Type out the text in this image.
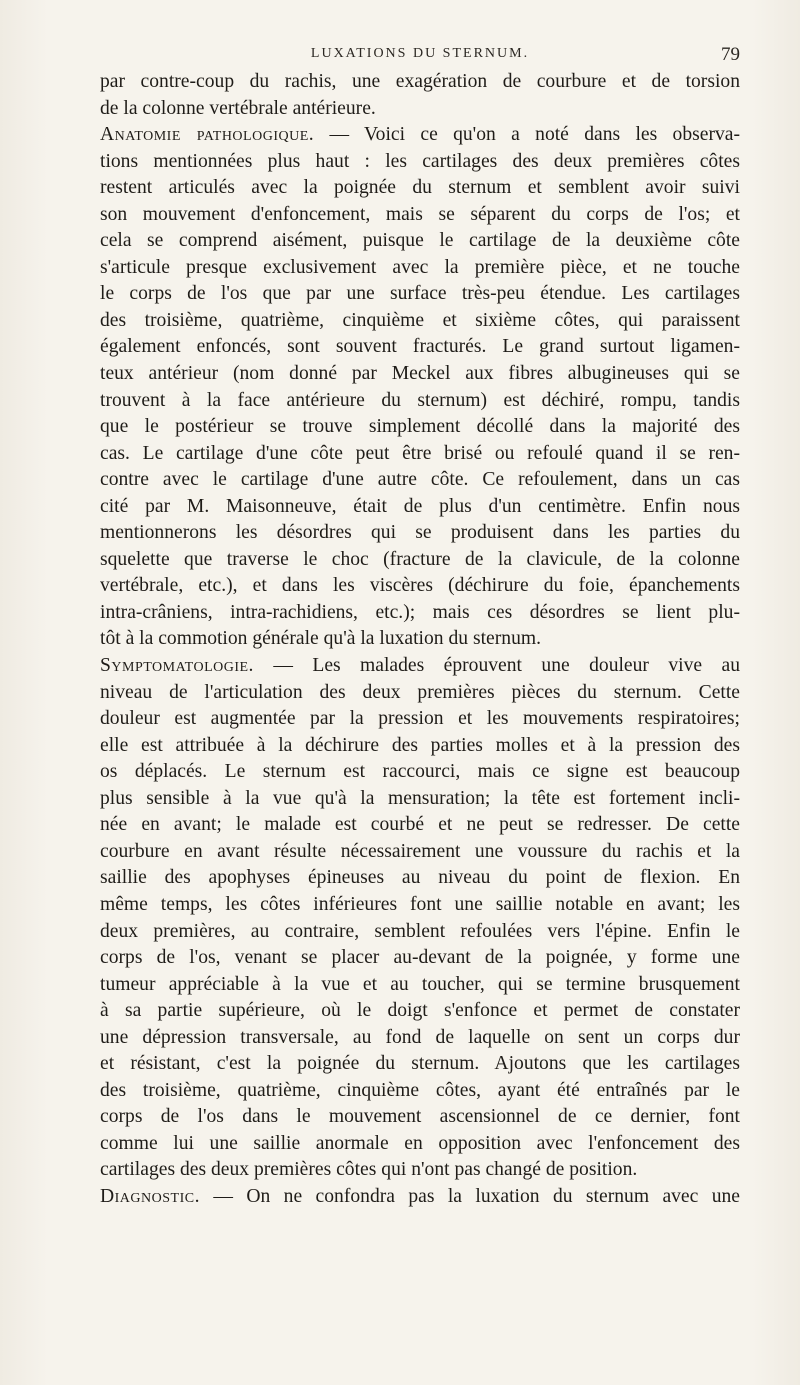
LUXATIONS DU STERNUM.	79
par contre-coup du rachis, une exagération de courbure et de torsion
de la colonne vertébrale antérieure.
Anatomie pathologique. — Voici ce qu'on a noté dans les observa-
tions mentionnées plus haut : les cartilages des deux premières côtes
restent articulés avec la poignée du sternum et semblent avoir suivi
son mouvement d'enfoncement, mais se séparent du corps de l'os; et
cela se comprend aisément, puisque le cartilage de la deuxième côte
s'articule presque exclusivement avec la première pièce, et ne touche
le corps de l'os que par une surface très-peu étendue. Les cartilages
des troisième, quatrième, cinquième et sixième côtes, qui paraissent
également enfoncés, sont souvent fracturés. Le grand surtout ligamen-
teux antérieur (nom donné par Meckel aux fibres albugineuses qui se
trouvent à la face antérieure du sternum) est déchiré, rompu, tandis
que le postérieur se trouve simplement décollé dans la majorité des
cas. Le cartilage d'une côte peut être brisé ou refoulé quand il se ren-
contre avec le cartilage d'une autre côte. Ce refoulement, dans un cas
cité par M. Maisonneuve, était de plus d'un centimètre. Enfin nous
mentionnerons les désordres qui se produisent dans les parties du
squelette que traverse le choc (fracture de la clavicule, de la colonne
vertébrale, etc.), et dans les viscères (déchirure du foie, épanchements
intra-crâniens, intra-rachidiens, etc.); mais ces désordres se lient plu-
tôt à la commotion générale qu'à la luxation du sternum.
Symptomatologie. — Les malades éprouvent une douleur vive au
niveau de l'articulation des deux premières pièces du sternum. Cette
douleur est augmentée par la pression et les mouvements respiratoires;
elle est attribuée à la déchirure des parties molles et à la pression des
os déplacés. Le sternum est raccourci, mais ce signe est beaucoup
plus sensible à la vue qu'à la mensuration; la tête est fortement incli-
née en avant; le malade est courbé et ne peut se redresser. De cette
courbure en avant résulte nécessairement une voussure du rachis et la
saillie des apophyses épineuses au niveau du point de flexion. En
même temps, les côtes inférieures font une saillie notable en avant; les
deux premières, au contraire, semblent refoulées vers l'épine. Enfin le
corps de l'os, venant se placer au-devant de la poignée, y forme une
tumeur appréciable à la vue et au toucher, qui se termine brusquement
à sa partie supérieure, où le doigt s'enfonce et permet de constater
une dépression transversale, au fond de laquelle on sent un corps dur
et résistant, c'est la poignée du sternum. Ajoutons que les cartilages
des troisième, quatrième, cinquième côtes, ayant été entraînés par le
corps de l'os dans le mouvement ascensionnel de ce dernier, font
comme lui une saillie anormale en opposition avec l'enfoncement des
cartilages des deux premières côtes qui n'ont pas changé de position.
Diagnostic. — On ne confondra pas la luxation du sternum avec une
